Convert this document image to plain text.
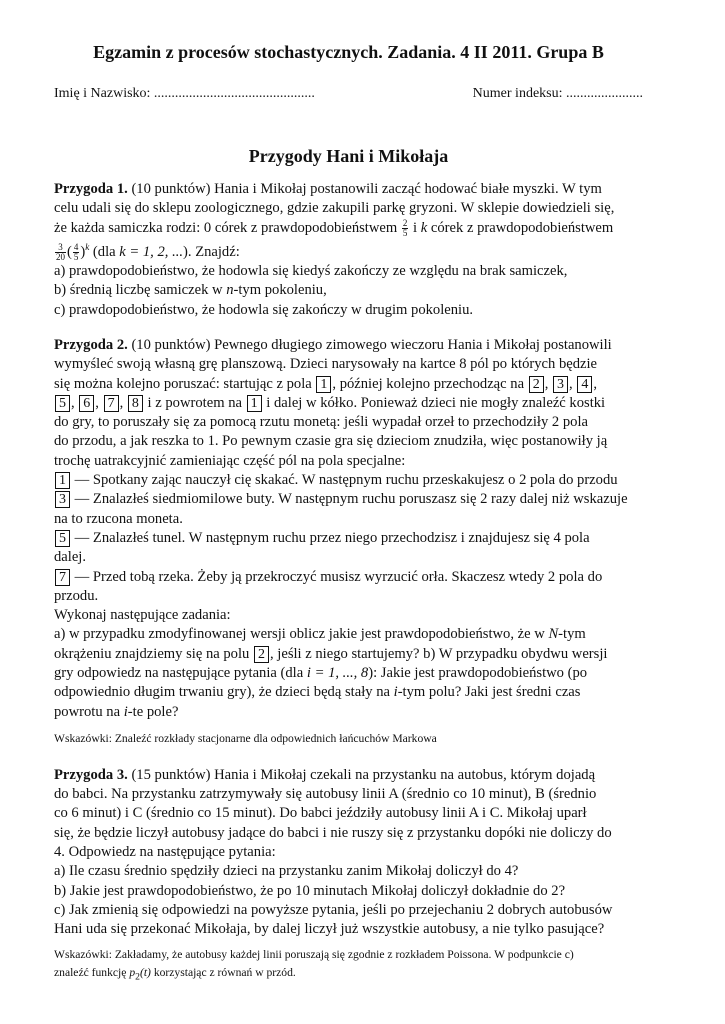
Egzamin z procesów stochastycznych. Zadania. 4 II 2011. Grupa B
Imię i Nazwisko: ..............................................	Numer indeksu: ......................
Przygody Hani i Mikołaja
Przygoda 1. (10 punktów) Hania i Mikołaj postanowili zacząć hodować białe myszki. W tym
celu udali się do sklepu zoologicznego, gdzie zakupili parkę gryzoni. W sklepie dowiedzieli się,
że każda samiczka rodzi: 0 córek z prawdopodobieństwem $\frac{2}{5}$ i k córek z prawdopodobieństwem
$\frac{3}{20}$ ( $\frac{4}{5} )^k$ (dla k = 1, 2, ...). Znajdź:
a) prawdopodobieństwo, że hodowla się kiedyś zakończy ze względu na brak samiczek,
b) średnią liczbę samiczek w n-tym pokoleniu,
c) prawdopodobieństwo, że hodowla się zakończy w drugim pokoleniu.
Przygoda 2. (10 punktów) Pewnego długiego zimowego wieczoru Hania i Mikołaj postanowili
wymyśleć swoją własną grę planszową. Dzieci narysowały na kartce 8 pól po których będzie
się można kolejno poruszać: startując z pola 1 , później kolejno przechodząc na 2 , 3 , 4 ,
5 , 6 , 7 , 8 i z powrotem na 1 i dalej w kółko. Ponieważ dzieci nie mogły znaleźć kostki
do gry, to poruszały się za pomocą rzutu monetą: jeśli wypadał orzeł to przechodziły 2 pola
do przodu, a jak reszka to 1. Po pewnym czasie gra się dzieciom znudziła, więc postanowiły ją
trochę uatrakcyjnić zamieniając część pól na pola specjalne:
1 — Spotkany zając nauczył cię skakać. W następnym ruchu przeskakujesz o 2 pola do przodu
3 — Znalazłeś siedmiomilowe buty. W następnym ruchu poruszasz się 2 razy dalej niż wskazuje
na to rzucona moneta.
5 — Znalazłeś tunel. W następnym ruchu przez niego przechodzisz i znajdujesz się 4 pola
dalej.
7 — Przed tobą rzeka. Żeby ją przekroczyć musisz wyrzucić orła. Skaczesz wtedy 2 pola do
przodu.
Wykonaj następujące zadania:
a) w przypadku zmodyfinowanej wersji oblicz jakie jest prawdopodobieństwo, że w N-tym
okrążeniu znajdziemy się na polu 2 , jeśli z niego startujemy? b) W przypadku obydwu wersji
gry odpowiedz na następujące pytania (dla i = 1, ..., 8): Jakie jest prawdopodobieństwo (po
odpowiednio długim trwaniu gry), że dzieci będą stały na i-tym polu? Jaki jest średni czas
powrotu na i-te pole?
Wskazówki: Znaleźć rozkłady stacjonarne dla odpowiednich łańcuchów Markowa
Przygoda 3. (15 punktów) Hania i Mikołaj czekali na przystanku na autobus, którym dojadą
do babci. Na przystanku zatrzymywały się autobusy linii A (średnio co 10 minut), B (średnio
co 6 minut) i C (średnio co 15 minut). Do babci jeździły autobusy linii A i C. Mikołaj uparł
się, że będzie liczył autobusy jadące do babci i nie ruszy się z przystanku dopóki nie doliczy do
4. Odpowiedz na następujące pytania:
a) Ile czasu średnio spędziły dzieci na przystanku zanim Mikołaj doliczył do 4?
b) Jakie jest prawdopodobieństwo, że po 10 minutach Mikołaj doliczył dokładnie do 2?
c) Jak zmienią się odpowiedzi na powyższe pytania, jeśli po przejechaniu 2 dobrych autobusów
Hani uda się przekonać Mikołaja, by dalej liczył już wszystkie autobusy, a nie tylko pasujące?
Wskazówki: Zakładamy, że autobusy każdej linii poruszają się zgodnie z rozkładem Poissona. W podpunkcie c)
znaleźć funkcję $p_2(t)$ korzystając z równań w przód.
